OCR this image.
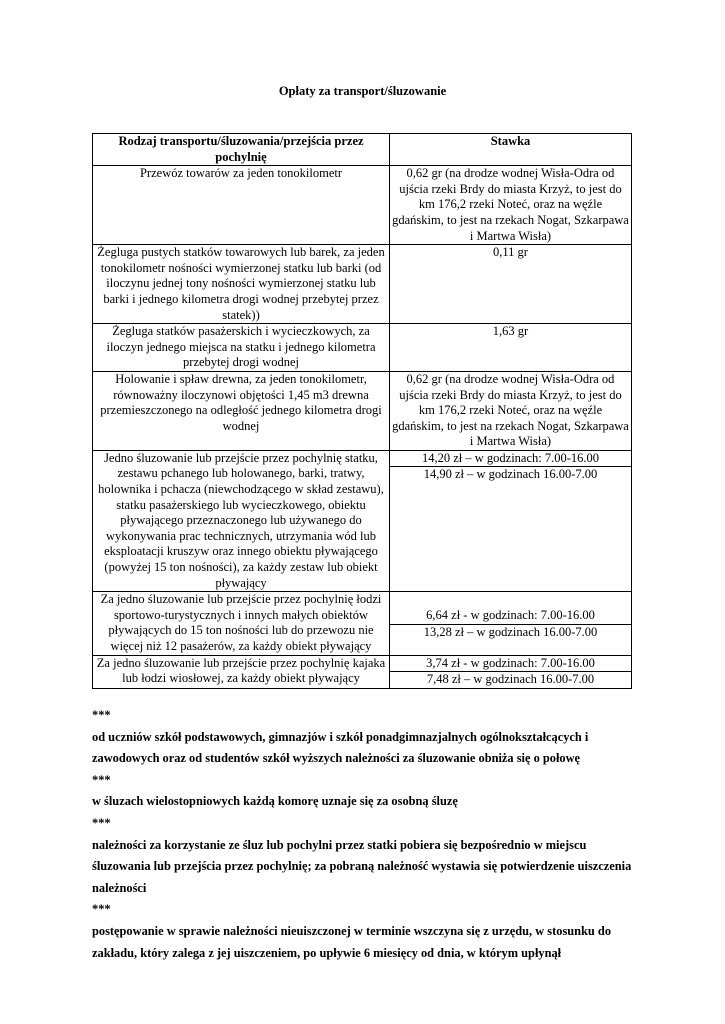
Opłaty za transport/śluzowanie
Rodzaj transportu/śluzowania/przejścia przez pochylnię	Stawka
Przewóz towarów za jeden tonokilometr	0,62 gr (na drodze wodnej Wisła-Odra od ujścia rzeki Brdy do miasta Krzyż, to jest do km 176,2 rzeki Noteć, oraz na węźle gdańskim, to jest na rzekach Nogat, Szkarpawa i Martwa Wisła)

Żegluga pustych statków towarowych lub barek, za jeden tonokilometr nośności wymierzonej statku lub barki (od iloczynu jednej tony nośności wymierzonej statku lub barki i jednego kilometra drogi wodnej przebytej przez statek))	0,11 gr

Żegluga statków pasażerskich i wycieczkowych, za iloczyn jednego miejsca na statku i jednego kilometra przebytej drogi wodnej	1,63 gr

Holowanie i spław drewna, za jeden tonokilometr, równoważny iloczynowi objętości 1,45 m3 drewna przemieszczonego na odległość jednego kilometra drogi wodnej	0,62 gr (na drodze wodnej Wisła-Odra od ujścia rzeki Brdy do miasta Krzyż, to jest do km 176,2 rzeki Noteć, oraz na węźle gdańskim, to jest na rzekach Nogat, Szkarpawa i Martwa Wisła)

Jedno śluzowanie lub przejście przez pochylnię statku, zestawu pchanego lub holowanego, barki, tratwy, holownika i pchacza (niewchodzącego w skład zestawu), statku pasażerskiego lub wycieczkowego, obiektu pływającego przeznaczonego lub używanego do wykonywania prac technicznych, utrzymania wód lub eksploatacji kruszyw oraz innego obiektu pływającego (powyżej 15 ton nośności), za każdy zestaw lub obiekt pływający	14,20 zł – w godzinach: 7.00-16.00
14,90 zł – w godzinach 16.00-7.00

Za jedno śluzowanie lub przejście przez pochylnię łodzi sportowo-turystycznych i innych małych obiektów pływających do 15 ton nośności lub do przewozu nie więcej niż 12 pasażerów, za każdy obiekt pływający	6,64 zł - w godzinach: 7.00-16.00
13,28 zł – w godzinach 16.00-7.00

Za jedno śluzowanie lub przejście przez pochylnię kajaka lub łodzi wiosłowej, za każdy obiekt pływający	3,74 zł - w godzinach: 7.00-16.00
7,48 zł – w godzinach 16.00-7.00

***

od uczniów szkół podstawowych, gimnazjów i szkół ponadgimnazjalnych ogólnokształcących i zawodowych oraz od studentów szkół wyższych należności za śluzowanie obniża się o połowę

***

w śluzach wielostopniowych każdą komorę uznaje się za osobną śluzę

***

należności za korzystanie ze śluz lub pochylni przez statki pobiera się bezpośrednio w miejscu śluzowania lub przejścia przez pochylnię; za pobraną należność wystawia się potwierdzenie uiszczenia należności

***

postępowanie w sprawie należności nieuiszczonej w terminie wszczyna się z urzędu, w stosunku do zakładu, który zalega z jej uiszczeniem, po upływie 6 miesięcy od dnia, w którym upłynął
